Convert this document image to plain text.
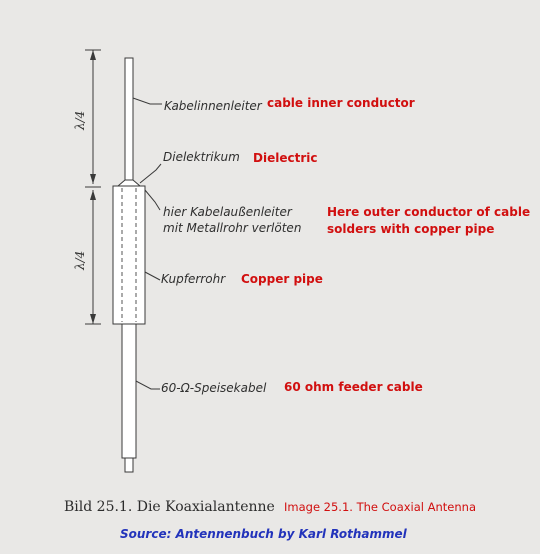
λ/4
λ/4
Kabelinnenleiter
Dielektrikum
hier Kabelaußenleiter
mit Metallrohr verlöten
Kupferrohr
60-Ω-Speisekabel
cable inner conductor
Dielectric
Here outer conductor of cable
solders with copper pipe
Copper pipe
60 ohm feeder cable
Bild 25.1. Die Koaxialantenne Image 25.1. The Coaxial Antenna
Source: Antennenbuch by Karl Rothammel
